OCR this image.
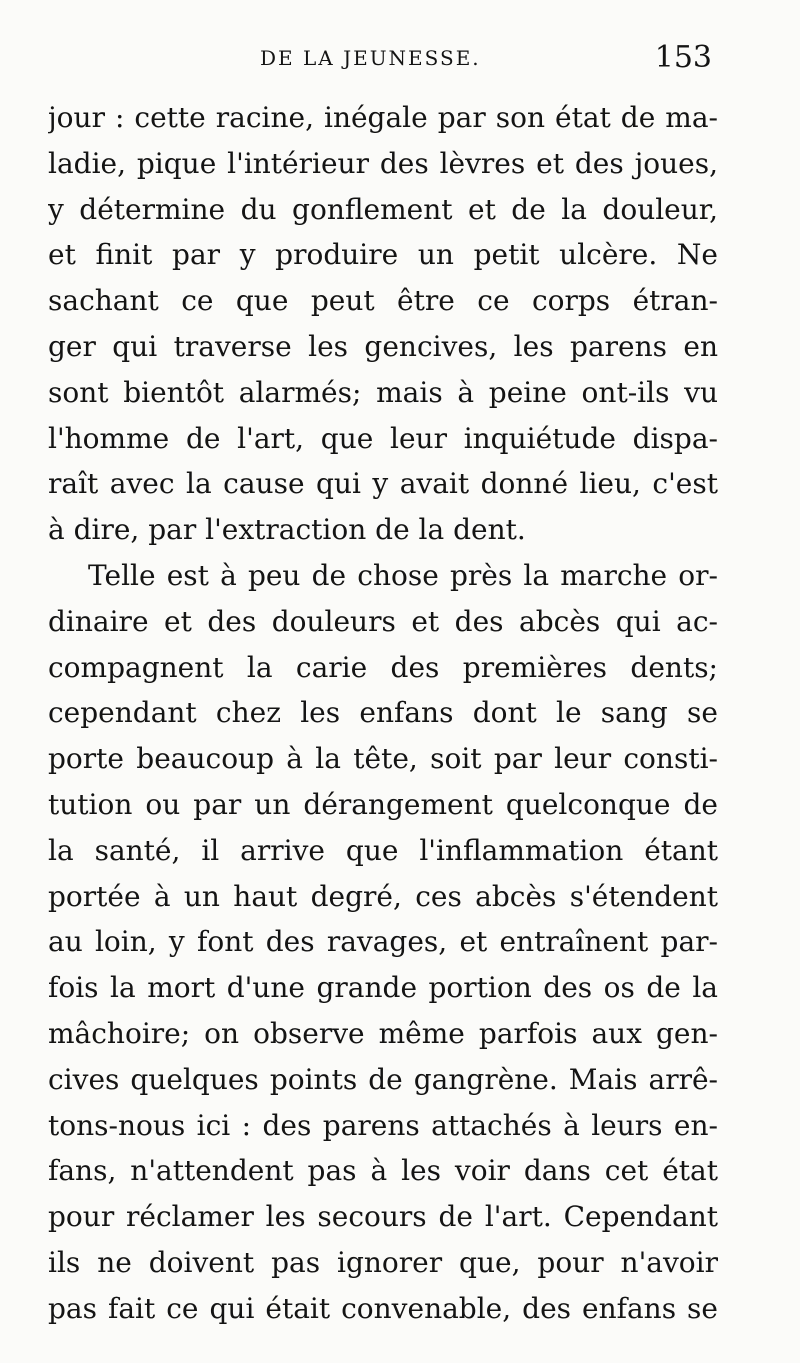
DE LA JEUNESSE.	153
jour : cette racine, inégale par son état de ma-
ladie, pique l'intérieur des lèvres et des joues,
y détermine du gonflement et de la douleur,
et finit par y produire un petit ulcère. Ne
sachant ce que peut être ce corps étran-
ger qui traverse les gencives, les parens en
sont bientôt alarmés; mais à peine ont-ils vu
l'homme de l'art, que leur inquiétude dispa-
raît avec la cause qui y avait donné lieu, c'est
à dire, par l'extraction de la dent.
Telle est à peu de chose près la marche or-
dinaire et des douleurs et des abcès qui ac-
compagnent la carie des premières dents;
cependant chez les enfans dont le sang se
porte beaucoup à la tête, soit par leur consti-
tution ou par un dérangement quelconque de
la santé, il arrive que l'inflammation étant
portée à un haut degré, ces abcès s'étendent
au loin, y font des ravages, et entraînent par-
fois la mort d'une grande portion des os de la
mâchoire; on observe même parfois aux gen-
cives quelques points de gangrène. Mais arrê-
tons-nous ici : des parens attachés à leurs en-
fans, n'attendent pas à les voir dans cet état
pour réclamer les secours de l'art. Cependant
ils ne doivent pas ignorer que, pour n'avoir
pas fait ce qui était convenable, des enfans se
